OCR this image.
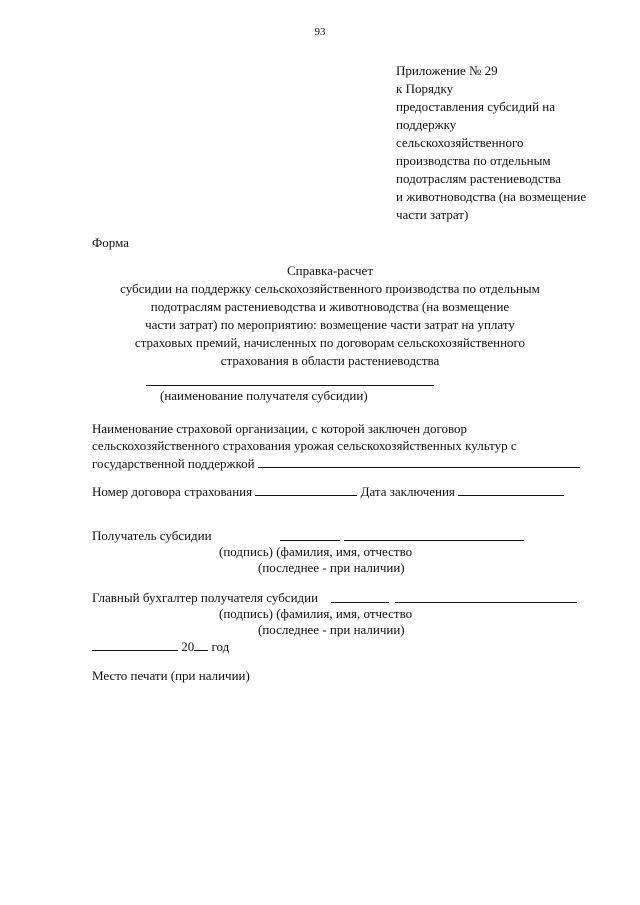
93
Приложение № 29
к Порядку
предоставления субсидий на
поддержку
сельскохозяйственного
производства по отдельным
подотраслям растениеводства
и животноводства (на возмещение
части затрат)
Форма
Справка-расчет
субсидии на поддержку сельскохозяйственного производства по отдельным
подотраслям растениеводства и животноводства (на возмещение
части затрат) по мероприятию: возмещение части затрат на уплату
страховых премий, начисленных по договорам сельскохозяйственного
страхования в области растениеводства
(наименование получателя субсидии)
Наименование страховой организации, с которой заключен договор
сельскохозяйственного страхования урожая сельскохозяйственных культур с
государственной поддержкой
Номер договора страхования	Дата заключения
Получатель субсидии
(подпись) (фамилия, имя, отчество
(последнее - при наличии)
Главный бухгалтер получателя субсидии
(подпись) (фамилия, имя, отчество
(последнее - при наличии)
20 год
Место печати (при наличии)
